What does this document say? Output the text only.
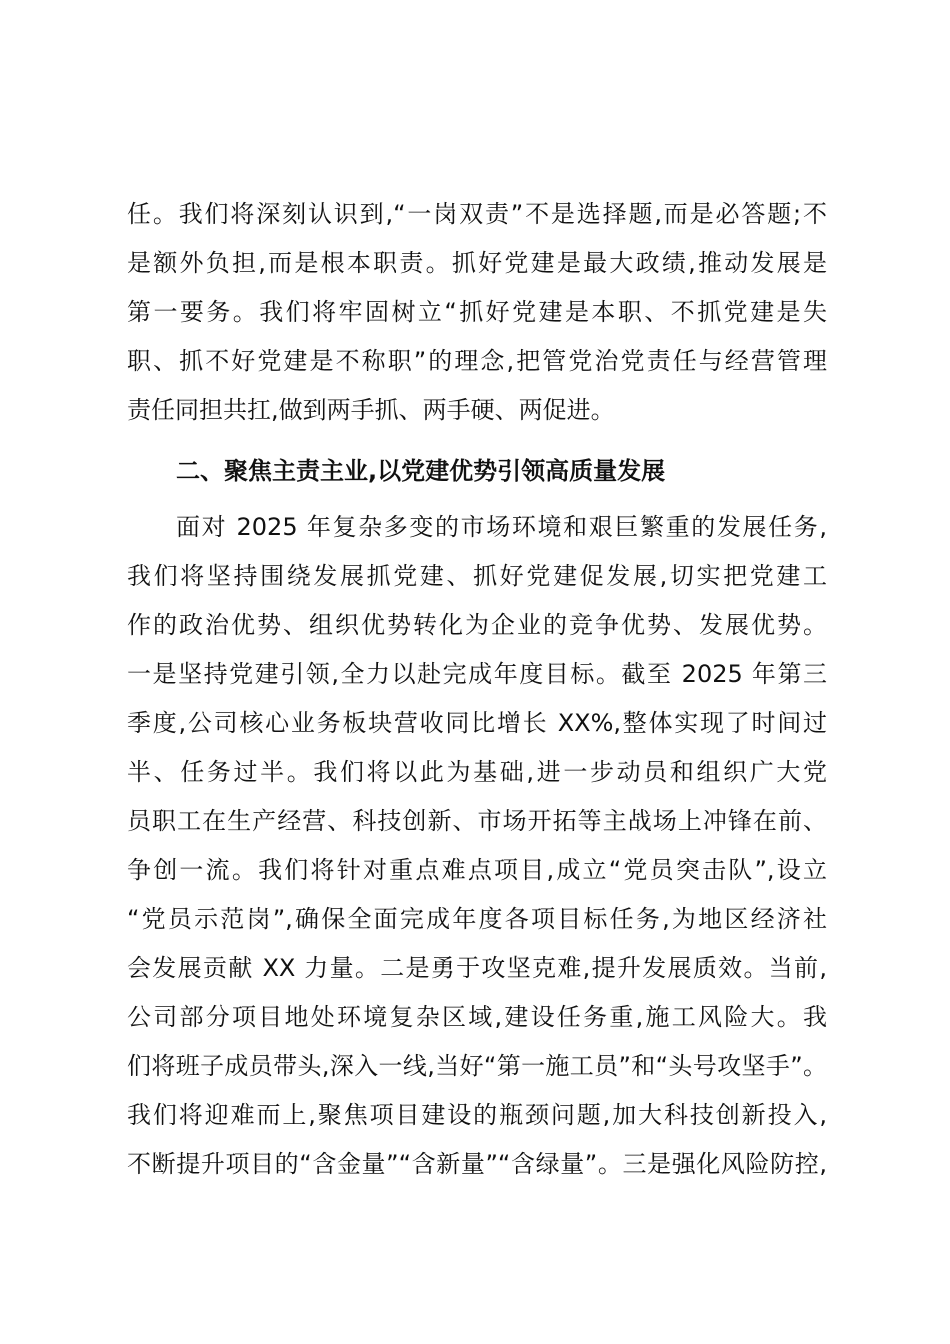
任。我们将深刻认识到,“一岗双责”不是选择题,而是必答题;不
是额外负担,而是根本职责。抓好党建是最大政绩,推动发展是
第一要务。我们将牢固树立“抓好党建是本职、不抓党建是失
职、抓不好党建是不称职”的理念,把管党治党责任与经营管理
责任同担共扛,做到两手抓、两手硬、两促进。
二、聚焦主责主业,以党建优势引领高质量发展
面对 2025 年复杂多变的市场环境和艰巨繁重的发展任务,
我们将坚持围绕发展抓党建、抓好党建促发展,切实把党建工
作的政治优势、组织优势转化为企业的竞争优势、发展优势。
一是坚持党建引领,全力以赴完成年度目标。截至 2025 年第三
季度,公司核心业务板块营收同比增长 XX%,整体实现了时间过
半、任务过半。我们将以此为基础,进一步动员和组织广大党
员职工在生产经营、科技创新、市场开拓等主战场上冲锋在前、
争创一流。我们将针对重点难点项目,成立“党员突击队”,设立
“党员示范岗”,确保全面完成年度各项目标任务,为地区经济社
会发展贡献 XX 力量。二是勇于攻坚克难,提升发展质效。当前,
公司部分项目地处环境复杂区域,建设任务重,施工风险大。我
们将班子成员带头,深入一线,当好“第一施工员”和“头号攻坚手”。
我们将迎难而上,聚焦项目建设的瓶颈问题,加大科技创新投入,
不断提升项目的“含金量”“含新量”“含绿量”。三是强化风险防控,
